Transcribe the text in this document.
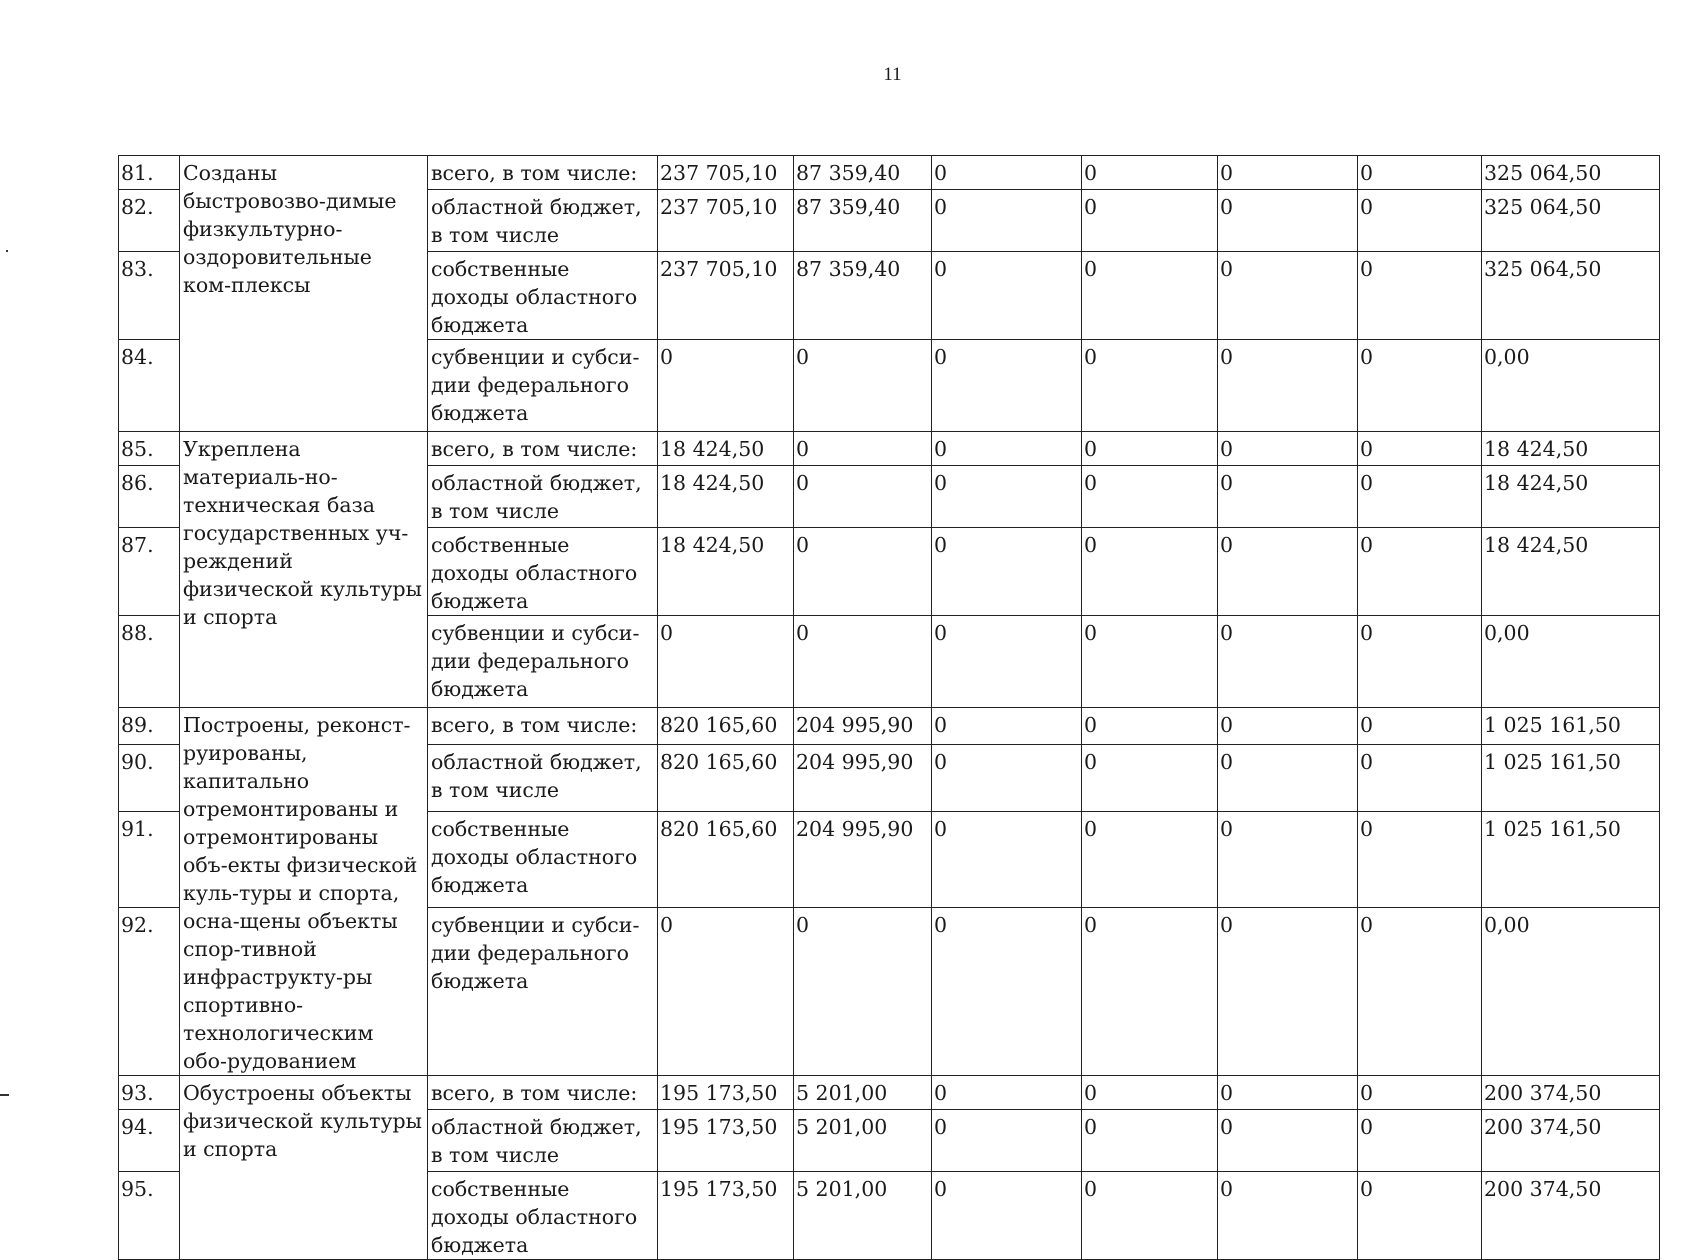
11
81.	Созданы быстровозво-димые физкультурно-оздоровительные ком-плексы	всего, в том числе:	237 705,10	87 359,40	0	0	0	0	325 064,50
82.		областной бюджет, в том числе	237 705,10	87 359,40	0	0	0	0	325 064,50
83.		собственные доходы областного бюджета	237 705,10	87 359,40	0	0	0	0	325 064,50
84.		субвенции и субси-дии федерального бюджета	0	0	0	0	0	0	0,00
85.	Укреплена материаль-но-техническая база государственных уч-реждений физической культуры и спорта	всего, в том числе:	18 424,50	0	0	0	0	0	18 424,50
86.		областной бюджет, в том числе	18 424,50	0	0	0	0	0	18 424,50
87.		собственные доходы областного бюджета	18 424,50	0	0	0	0	0	18 424,50
88.		субвенции и субси-дии федерального бюджета	0	0	0	0	0	0	0,00
89.	Построены, реконст-руированы, капитально отремонтированы и отремонтированы объ-екты физической куль-туры и спорта, осна-щены объекты спор-тивной инфраструкту-ры спортивно-технологическим обо-рудованием	всего, в том числе:	820 165,60	204 995,90	0	0	0	0	1 025 161,50
90.		областной бюджет, в том числе	820 165,60	204 995,90	0	0	0	0	1 025 161,50
91.		собственные доходы областного бюджета	820 165,60	204 995,90	0	0	0	0	1 025 161,50
92.		субвенции и субси-дии федерального бюджета	0	0	0	0	0	0	0,00
93.	Обустроены объекты физической культуры и спорта	всего, в том числе:	195 173,50	5 201,00	0	0	0	0	200 374,50
94.		областной бюджет, в том числе	195 173,50	5 201,00	0	0	0	0	200 374,50
95.		собственные доходы областного бюджета	195 173,50	5 201,00	0	0	0	0	200 374,50
